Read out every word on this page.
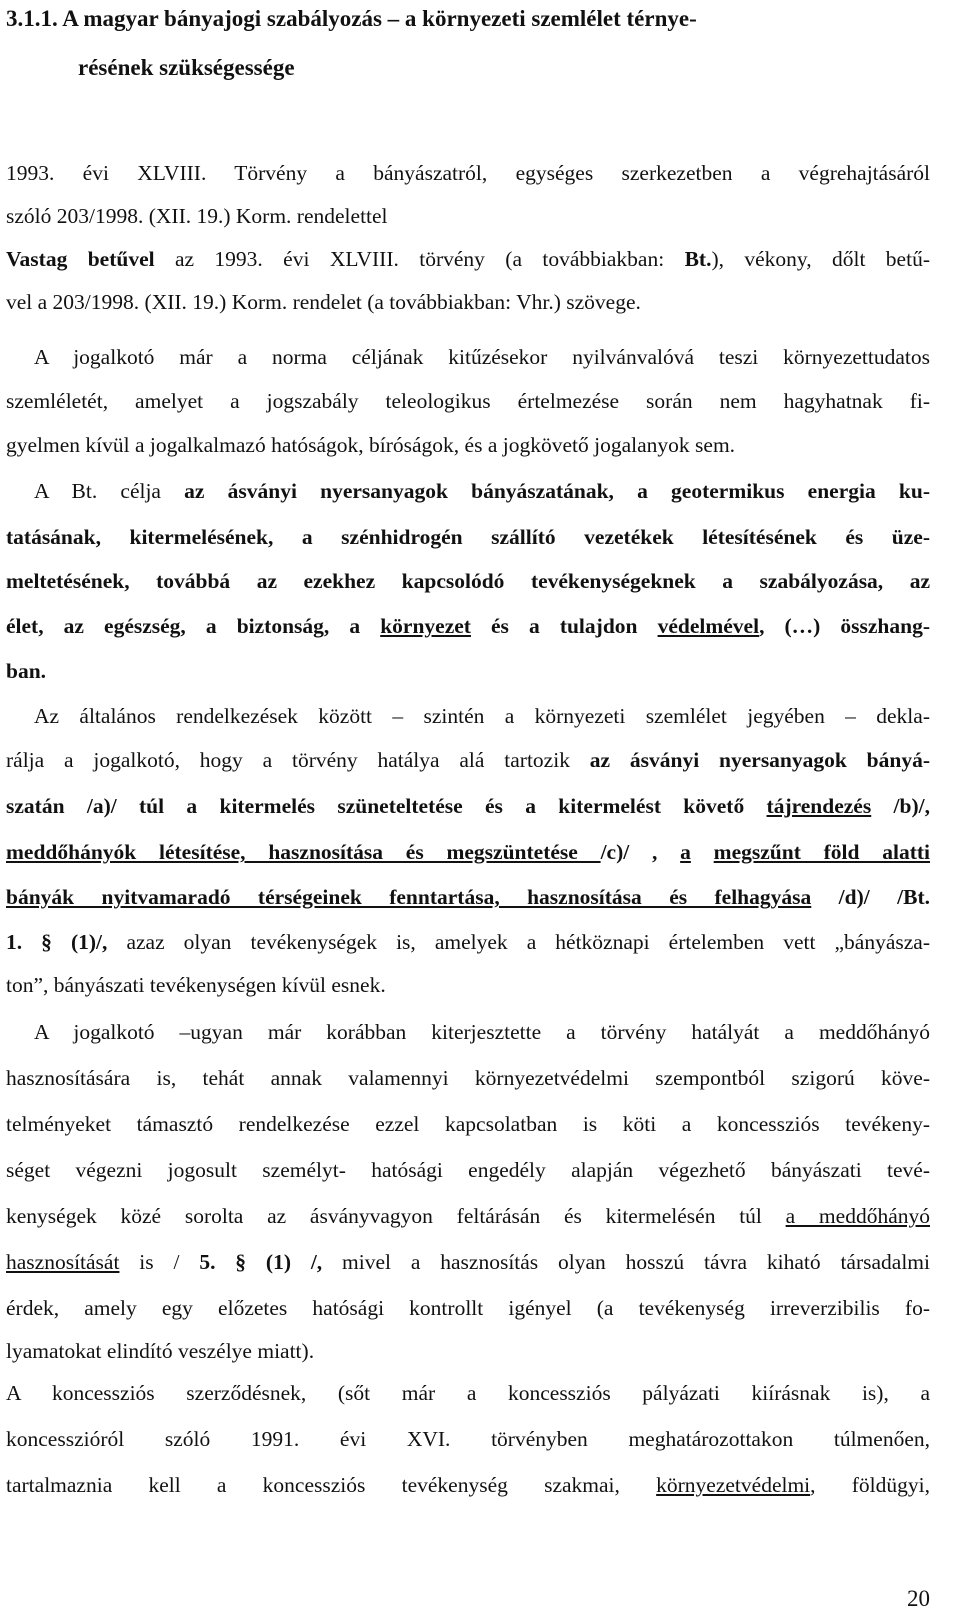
3.1.1. A magyar bányajogi szabályozás – a környezeti szemlélet térnye-
résének szükségessége
1993. évi XLVIII. Törvény a bányászatról, egységes szerkezetben a végrehajtásáról
szóló 203/1998. (XII. 19.) Korm. rendelettel
Vastag betűvel az 1993. évi XLVIII. törvény (a továbbiakban: Bt.), vékony, dőlt betű-
vel a 203/1998. (XII. 19.) Korm. rendelet (a továbbiakban: Vhr.) szövege.
A jogalkotó már a norma céljának kitűzésekor nyilvánvalóvá teszi környezettudatos
szemléletét, amelyet a jogszabály teleologikus értelmezése során nem hagyhatnak fi-
gyelmen kívül a jogalkalmazó hatóságok, bíróságok, és a jogkövető jogalanyok sem.
A Bt. célja az ásványi nyersanyagok bányászatának, a geotermikus energia ku-
tatásának, kitermelésének, a szénhidrogén szállító vezetékek létesítésének és üze-
meltetésének, továbbá az ezekhez kapcsolódó tevékenységeknek a szabályozása, az
élet, az egészség, a biztonság, a környezet és a tulajdon védelmével, (…) összhang-
ban.
Az általános rendelkezések között – szintén a környezeti szemlélet jegyében – dekla-
rálja a jogalkotó, hogy a törvény hatálya alá tartozik az ásványi nyersanyagok bányá-
szatán /a)/ túl a kitermelés szüneteltetése és a kitermelést követő tájrendezés /b)/,
meddőhányók létesítése, hasznosítása és megszüntetése /c)/ , a megszűnt föld alatti
bányák nyitvamaradó térségeinek fenntartása, hasznosítása és felhagyása /d)/ /Bt.
1. § (1)/, azaz olyan tevékenységek is, amelyek a hétköznapi értelemben vett „bányásza-
ton”, bányászati tevékenységen kívül esnek.
A jogalkotó –ugyan már korábban kiterjesztette a törvény hatályát a meddőhányó
hasznosítására is, tehát annak valamennyi környezetvédelmi szempontból szigorú köve-
telményeket támasztó rendelkezése ezzel kapcsolatban is köti a koncessziós tevékeny-
séget végezni jogosult személyt- hatósági engedély alapján végezhető bányászati tevé-
kenységek közé sorolta az ásványvagyon feltárásán és kitermelésén túl a meddőhányó
hasznosítását is / 5. § (1) /, mivel a hasznosítás olyan hosszú távra kiható társadalmi
érdek, amely egy előzetes hatósági kontrollt igényel (a tevékenység irreverzibilis fo-
lyamatokat elindító veszélye miatt).
A koncessziós szerződésnek, (sőt már a koncessziós pályázati kiírásnak is), a
koncesszióról szóló 1991. évi XVI. törvényben meghatározottakon túlmenően,
tartalmaznia kell a koncessziós tevékenység szakmai, környezetvédelmi, földügyi,
20
